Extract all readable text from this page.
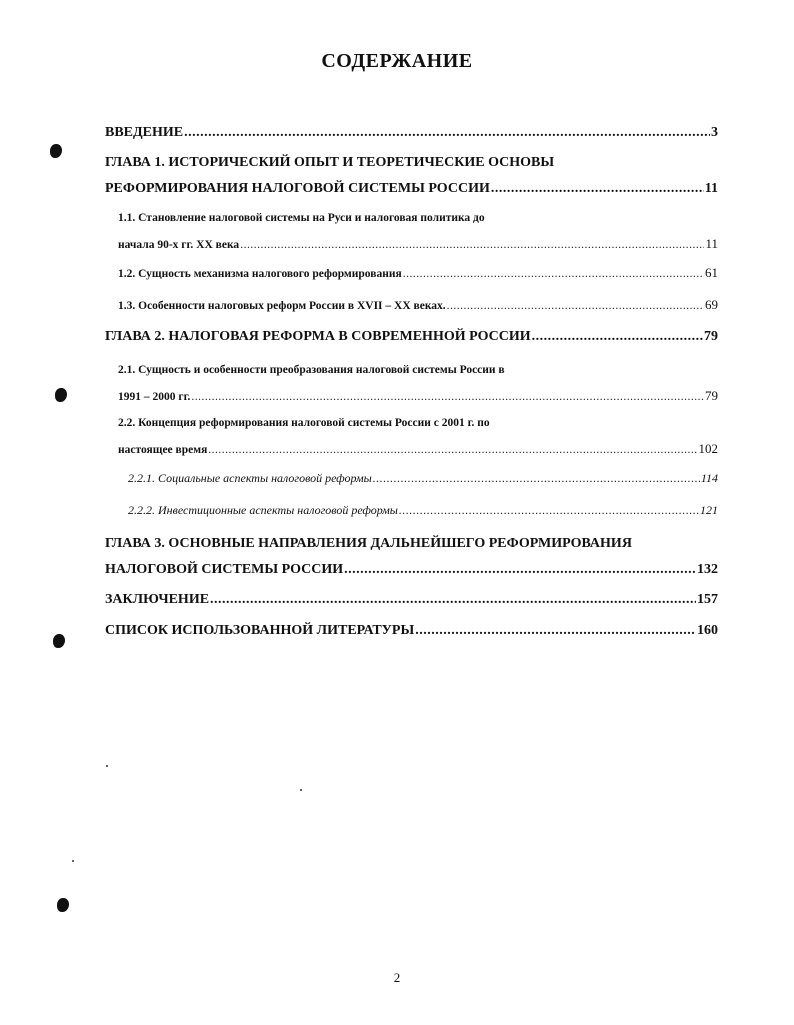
СОДЕРЖАНИЕ
ВВЕДЕНИЕ .....	3
ГЛАВА 1. ИСТОРИЧЕСКИЙ ОПЫТ И ТЕОРЕТИЧЕСКИЕ ОСНОВЫ
РЕФОРМИРОВАНИЯ НАЛОГОВОЙ СИСТЕМЫ РОССИИ .....	11
1.1. Становление налоговой системы на Руси и налоговая политика до
начала 90-х гг. XX века .....	11
1.2. Сущность механизма налогового реформирования .....	61
1.3. Особенности налоговых реформ России в XVII – XX веках. .....	69
ГЛАВА 2. НАЛОГОВАЯ РЕФОРМА В СОВРЕМЕННОЙ РОССИИ .....	79
2.1. Сущность и особенности преобразования налоговой системы России в
1991 – 2000 гг. .....	79
2.2. Концепция реформирования налоговой системы России с 2001 г. по
настоящее время .....	102
2.2.1. Социальные аспекты налоговой реформы .....	114
2.2.2. Инвестиционные аспекты налоговой реформы .....	121
ГЛАВА 3. ОСНОВНЫЕ НАПРАВЛЕНИЯ ДАЛЬНЕЙШЕГО РЕФОРМИРОВАНИЯ
НАЛОГОВОЙ СИСТЕМЫ РОССИИ .....	132
ЗАКЛЮЧЕНИЕ .....	157
СПИСОК ИСПОЛЬЗОВАННОЙ ЛИТЕРАТУРЫ .....	160
2
